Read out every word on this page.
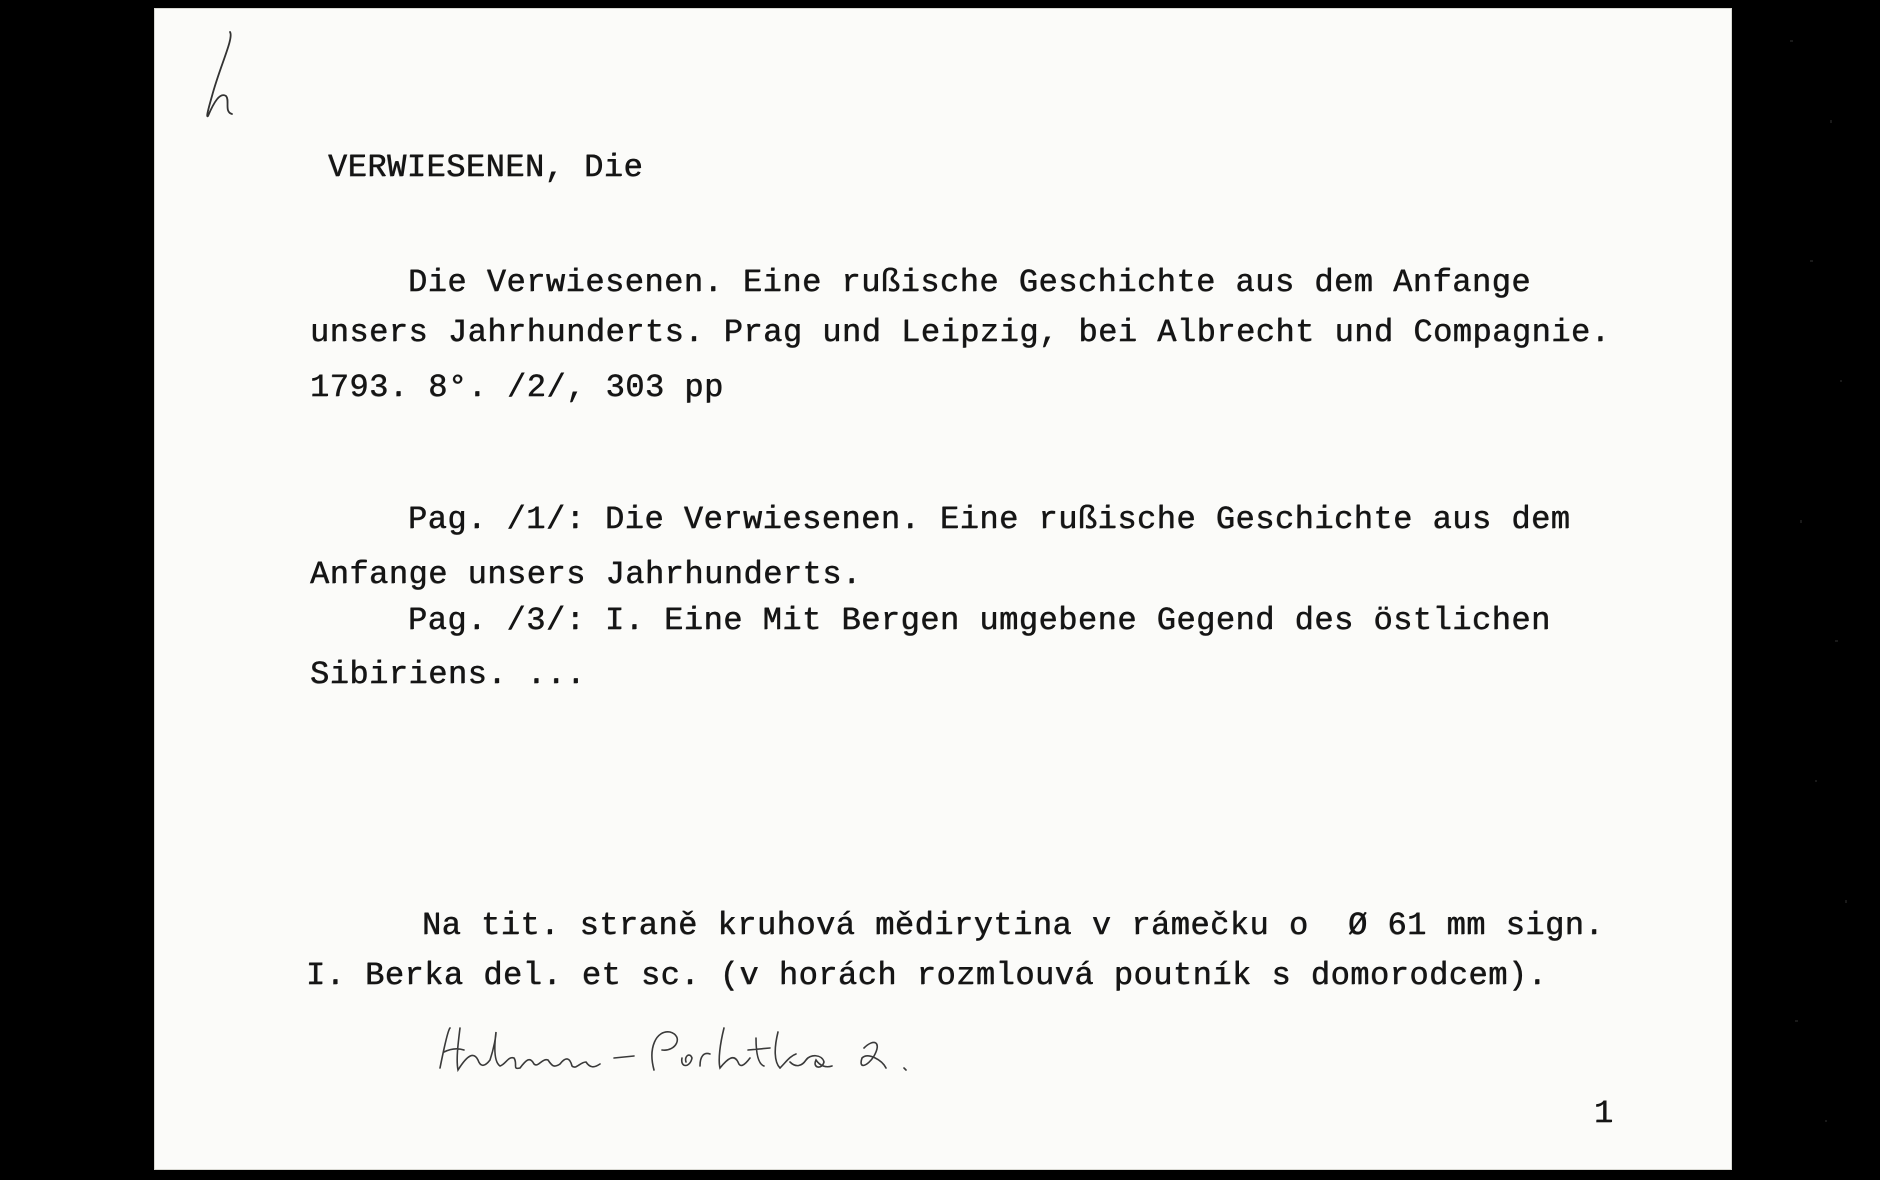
VERWIESENEN, Die
Die Verwiesenen. Eine rußische Geschichte aus dem Anfange
unsers Jahrhunderts. Prag und Leipzig, bei Albrecht und Compagnie.
1793. 8°. /2/, 303 pp
Pag. /1/: Die Verwiesenen. Eine rußische Geschichte aus dem
Anfange unsers Jahrhunderts.
Pag. /3/: I. Eine Mit Bergen umgebene Gegend des östlichen
Sibiriens. ...
Na tit. straně kruhová mědirytina v rámečku o  Ø 61 mm sign.
I. Berka del. et sc. (v horách rozmlouvá poutník s domorodcem).
1
